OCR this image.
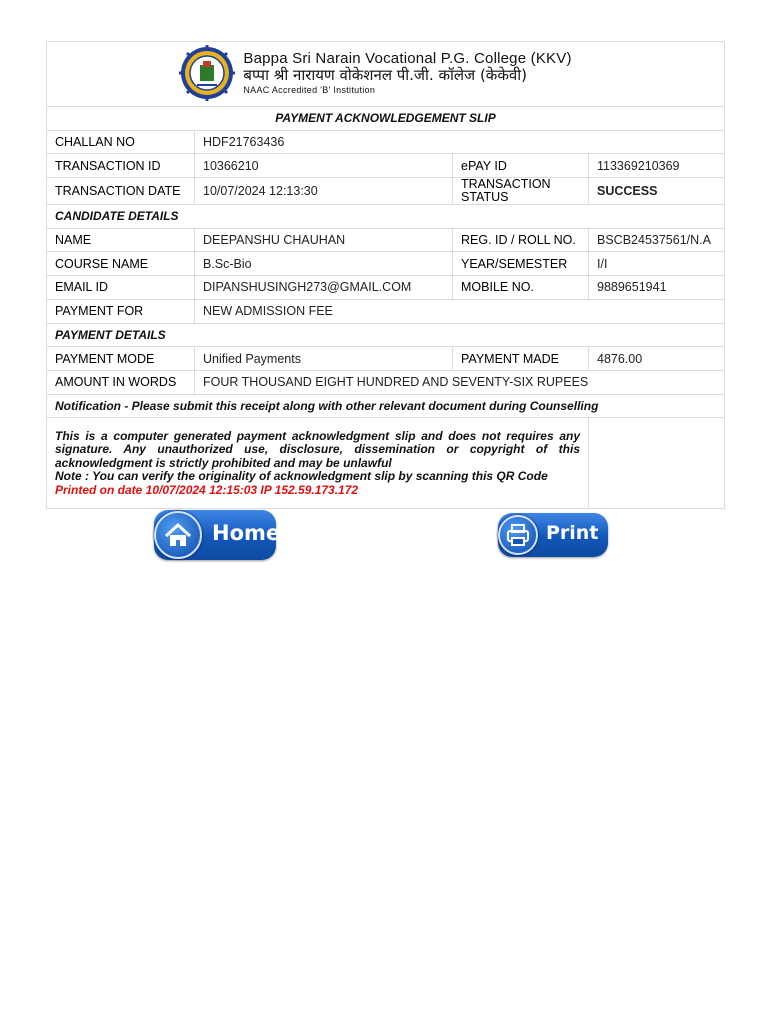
Bappa Sri Narain Vocational P.G. College (KKV)
बप्पा श्री नारायण वोकेशनल पी.जी. कॉलेज (केकेवी)
NAAC Accredited 'B' Institution			

PAYMENT ACKNOWLEDGEMENT SLIP			
CHALLAN NO	HDF21763436		
TRANSACTION ID	10366210	ePAY ID	113369210369
TRANSACTION DATE	10/07/2024 12:13:30	TRANSACTION STATUS	SUCCESS
CANDIDATE DETAILS			
NAME	DEEPANSHU CHAUHAN	REG. ID / ROLL NO.	BSCB24537561/N.A
COURSE NAME	B.Sc-Bio	YEAR/SEMESTER	I/I
EMAIL ID	DIPANSHUSINGH273@GMAIL.COM	MOBILE NO.	9889651941
PAYMENT FOR	NEW ADMISSION FEE		
PAYMENT DETAILS			
PAYMENT MODE	Unified Payments	PAYMENT MADE	4876.00
AMOUNT IN WORDS	FOUR THOUSAND EIGHT HUNDRED AND SEVENTY-SIX RUPEES		
Notification - Please submit this receipt along with other relevant document during Counselling			
This is a computer generated payment acknowledgment slip and does not requires any signature. Any unauthorized use, disclosure, dissemination or copyright of this acknowledgment is strictly prohibited and may be unlawful
Note : You can verify the originality of acknowledgment slip by scanning this QR Code
Printed on date 10/07/2024 12:15:03 IP 152.59.173.172			
Home	Print
